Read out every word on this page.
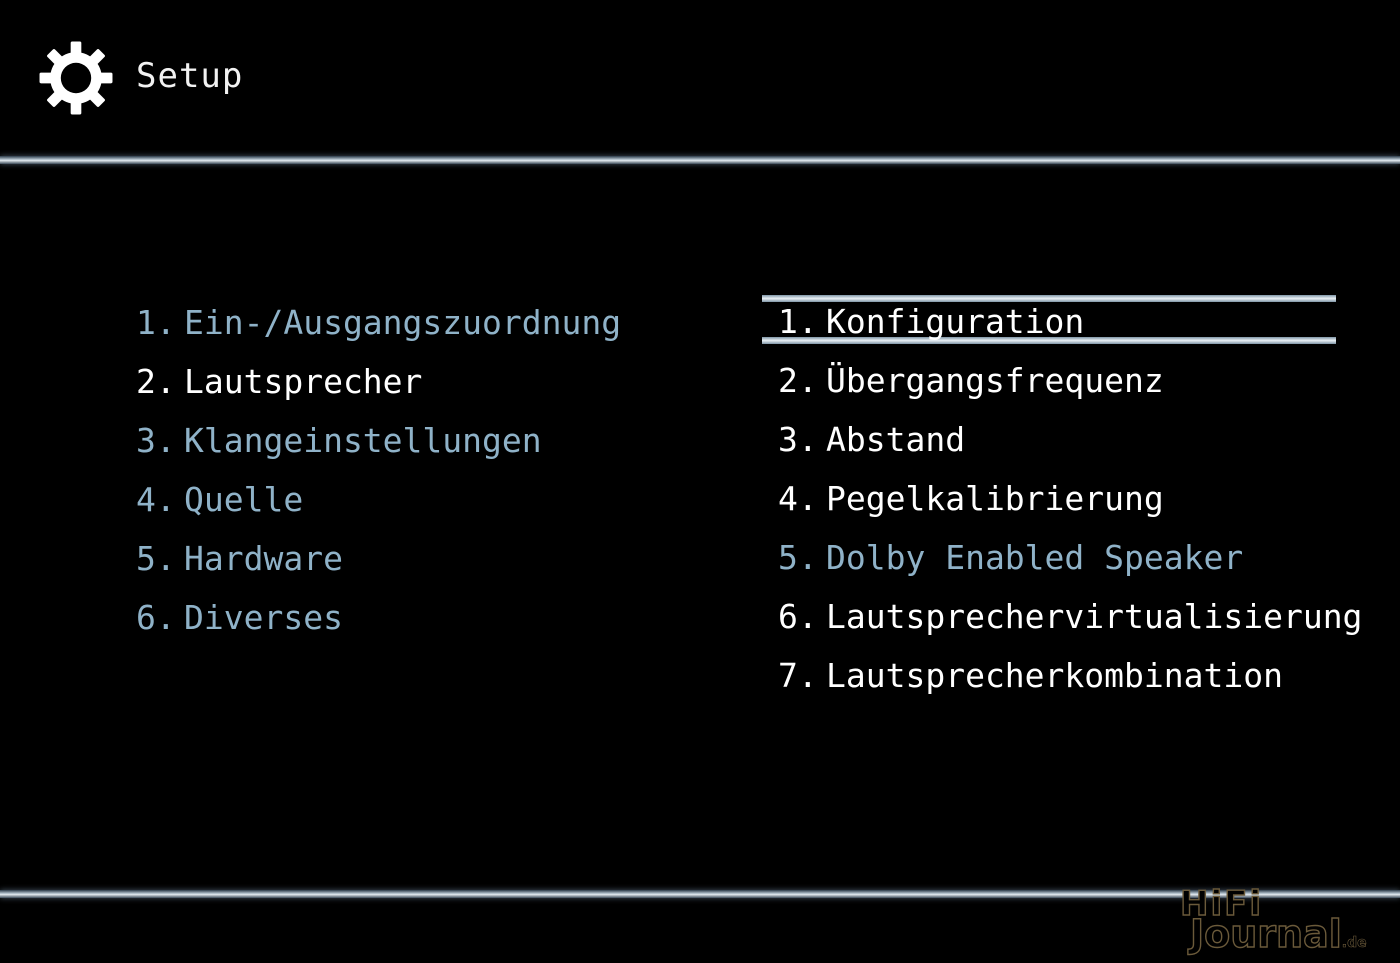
Setup
1. Ein-/Ausgangszuordnung
2. Lautsprecher
3. Klangeinstellungen
4. Quelle
5. Hardware
6. Diverses
1. Konfiguration
2. Übergangsfrequenz
3. Abstand
4. Pegelkalibrierung
5. Dolby Enabled Speaker
6. Lautsprechervirtualisierung
7. Lautsprecherkombination
HiFi
Journal.de
